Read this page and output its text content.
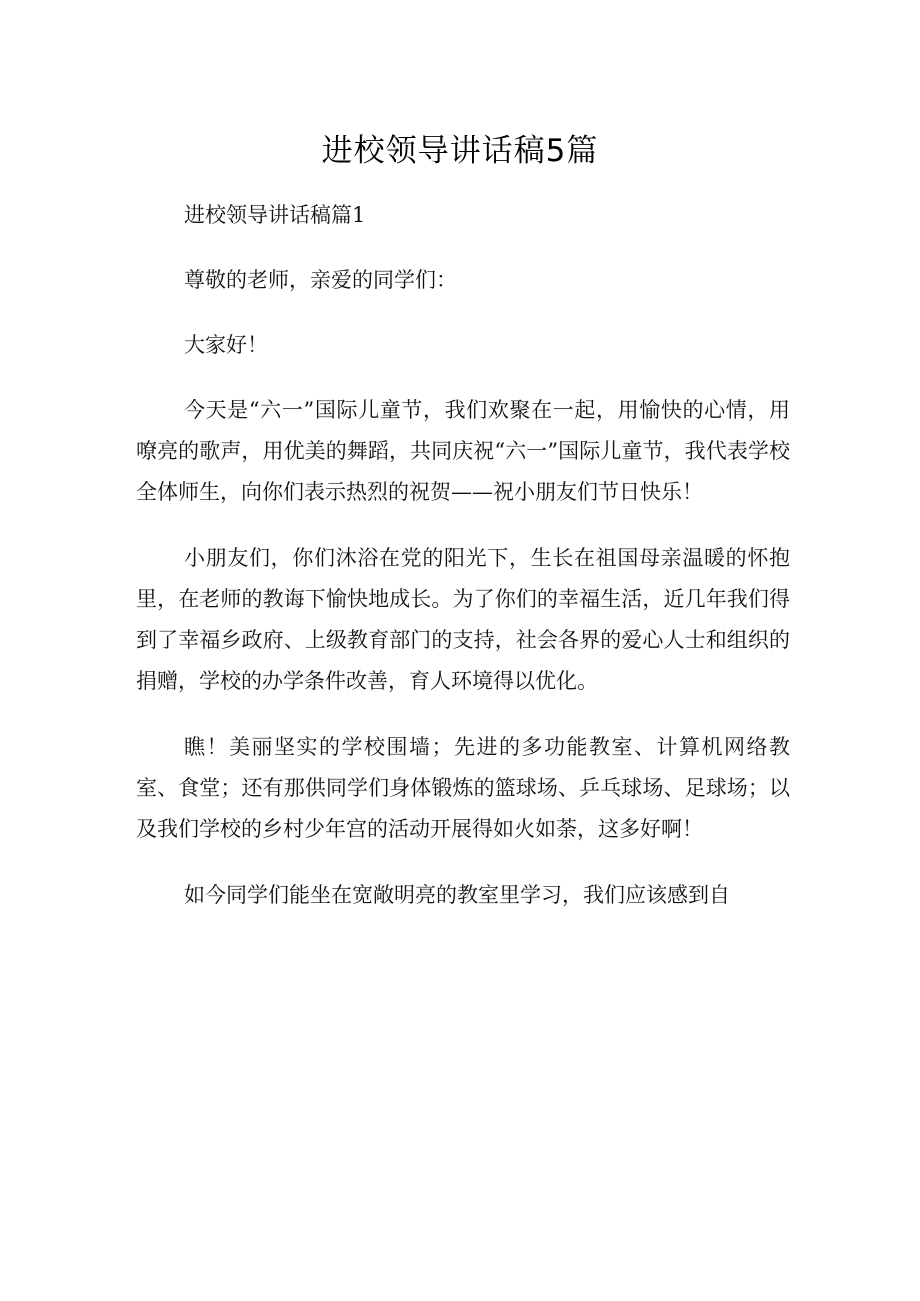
进校领导讲话稿5篇

进校领导讲话稿篇1

尊敬的老师，亲爱的同学们：

大家好！

今天是“六一”国际儿童节，我们欢聚在一起，用愉快的心情，用嘹亮的歌声，用优美的舞蹈，共同庆祝“六一”国际儿童节，我代表学校全体师生，向你们表示热烈的祝贺——祝小朋友们节日快乐！

小朋友们，你们沐浴在党的阳光下，生长在祖国母亲温暖的怀抱里，在老师的教诲下愉快地成长。为了你们的幸福生活，近几年我们得到了幸福乡政府、上级教育部门的支持，社会各界的爱心人士和组织的捐赠，学校的办学条件改善，育人环境得以优化。

瞧！美丽坚实的学校围墙；先进的多功能教室、计算机网络教室、食堂；还有那供同学们身体锻炼的篮球场、乒乓球场、足球场；以及我们学校的乡村少年宫的活动开展得如火如荼，这多好啊！

如今同学们能坐在宽敞明亮的教室里学习，我们应该感到自
